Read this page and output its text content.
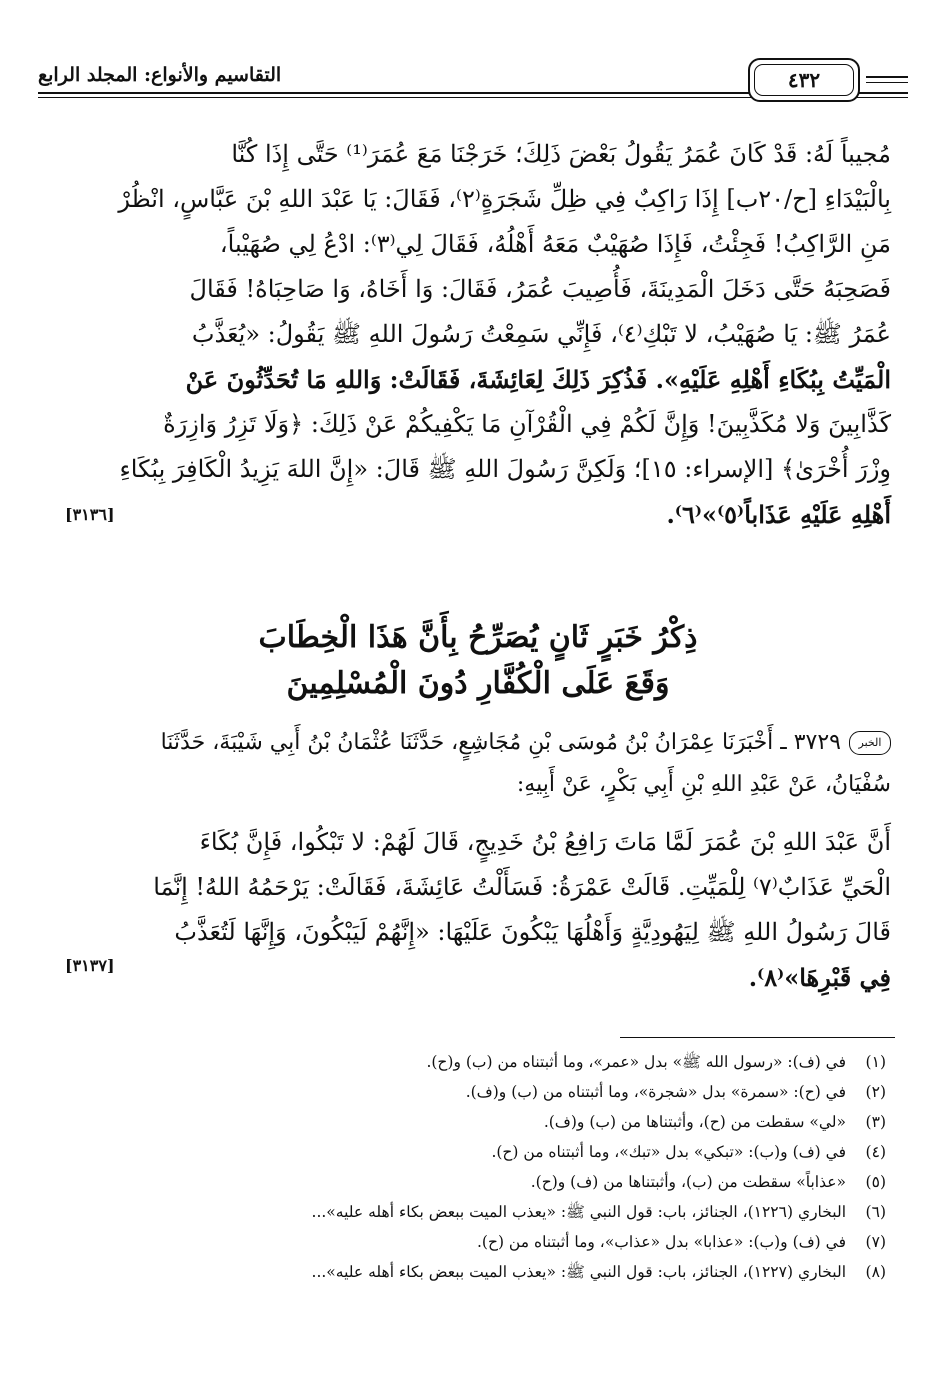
التقاسيم والأنواع: المجلد الرابع	٤٣٢
مُجيباً لَهُ: قَدْ كَانَ عُمَرُ يَقُولُ بَعْضَ ذَلِكَ؛ خَرَجْنَا مَعَ عُمَرَ⁽¹⁾ حَتَّى إِذَا كُنَّا
بِالْبَيْدَاءِ [ح/٢٠ب] إِذَا رَاكِبٌ فِي ظِلِّ شَجَرَةٍ⁽٢⁾، فَقَالَ: يَا عَبْدَ اللهِ بْنَ عَبَّاسٍ، انْظُرْ
مَنِ الرَّاكِبُ! فَجِئْتُ، فَإِذَا صُهَيْبٌ مَعَهُ أَهْلُهُ، فَقَالَ لِي⁽٣⁾: ادْعُ لِي صُهَيْباً،
فَصَحِبَهُ حَتَّى دَخَلَ الْمَدِينَةَ، فَأُصِيبَ عُمَرُ، فَقَالَ: وَا أَخَاهُ، وَا صَاحِبَاهُ! فَقَالَ
عُمَرُ ﷺ: يَا صُهَيْبُ، لا تَبْكِ⁽٤⁾، فَإِنِّي سَمِعْتُ رَسُولَ اللهِ ﷺ يَقُولُ: «يُعَذَّبُ
الْمَيِّتُ بِبُكَاءِ أَهْلِهِ عَلَيْهِ». فَذُكِرَ ذَلِكَ لِعَائِشَةَ، فَقَالَتْ: وَاللهِ مَا تُحَدِّثُونَ عَنْ
كَذَّابِينَ وَلا مُكَذَّبِينَ! وَإِنَّ لَكُمْ فِي الْقُرْآنِ مَا يَكْفِيكُمْ عَنْ ذَلِكَ: ﴿وَلَا تَزِرُ وَازِرَةٌ
وِزْرَ أُخْرَىٰ﴾ [الإسراء: ١٥]؛ وَلَكِنَّ رَسُولَ اللهِ ﷺ قَالَ: «إِنَّ اللهَ يَزِيدُ الْكَافِرَ بِبُكَاءِ
أَهْلِهِ عَلَيْهِ عَذَاباً⁽٥⁾»⁽٦⁾.
[٣١٣٦]
ذِكْرُ خَبَرٍ ثَانٍ يُصَرِّحُ بِأَنَّ هَذَا الْخِطَابَ
وَقَعَ عَلَى الْكُفَّارِ دُونَ الْمُسْلِمِينَ
الخبر٣٧٢٩ ـ أَخْبَرَنَا عِمْرَانُ بْنُ مُوسَى بْنِ مُجَاشِعٍ، حَدَّثَنَا عُثْمَانُ بْنُ أَبِي شَيْبَةَ، حَدَّثَنَا
سُفْيَانُ، عَنْ عَبْدِ اللهِ بْنِ أَبِي بَكْرٍ، عَنْ أَبِيهِ:
أَنَّ عَبْدَ اللهِ بْنَ عُمَرَ لَمَّا مَاتَ رَافِعُ بْنُ خَدِيجٍ، قَالَ لَهُمْ: لا تَبْكُوا، فَإِنَّ بُكَاءَ
الْحَيِّ عَذَابٌ⁽٧⁾ لِلْمَيِّتِ. قَالَتْ عَمْرَةُ: فَسَأَلْتُ عَائِشَةَ، فَقَالَتْ: يَرْحَمُهُ اللهُ! إِنَّمَا
قَالَ رَسُولُ اللهِ ﷺ لِيَهُودِيَّةٍ وَأَهْلُهَا يَبْكُونَ عَلَيْهَا: «إِنَّهُمْ لَيَبْكُونَ، وَإِنَّهَا لَتُعَذَّبُ
فِي قَبْرِهَا»⁽٨⁾.
[٣١٣٧]
(١)في (ف): «رسول الله ﷺ» بدل «عمر»، وما أثبتناه من (ب) و(ح).
(٢)في (ح): «سمرة» بدل «شجرة»، وما أثبتناه من (ب) و(ف).
(٣)«لي» سقطت من (ح)، وأثبتناها من (ب) و(ف).
(٤)في (ف) و(ب): «تبكي» بدل «تبك»، وما أثبتناه من (ح).
(٥)«عذاباً» سقطت من (ب)، وأثبتناها من (ف) و(ح).
(٦)البخاري (١٢٢٦)، الجنائز، باب: قول النبي ﷺ: «يعذب الميت ببعض بكاء أهله عليه»...
(٧)في (ف) و(ب): «عذابا» بدل «عذاب»، وما أثبتناه من (ح).
(٨)البخاري (١٢٢٧)، الجنائز، باب: قول النبي ﷺ: «يعذب الميت ببعض بكاء أهله عليه»...
